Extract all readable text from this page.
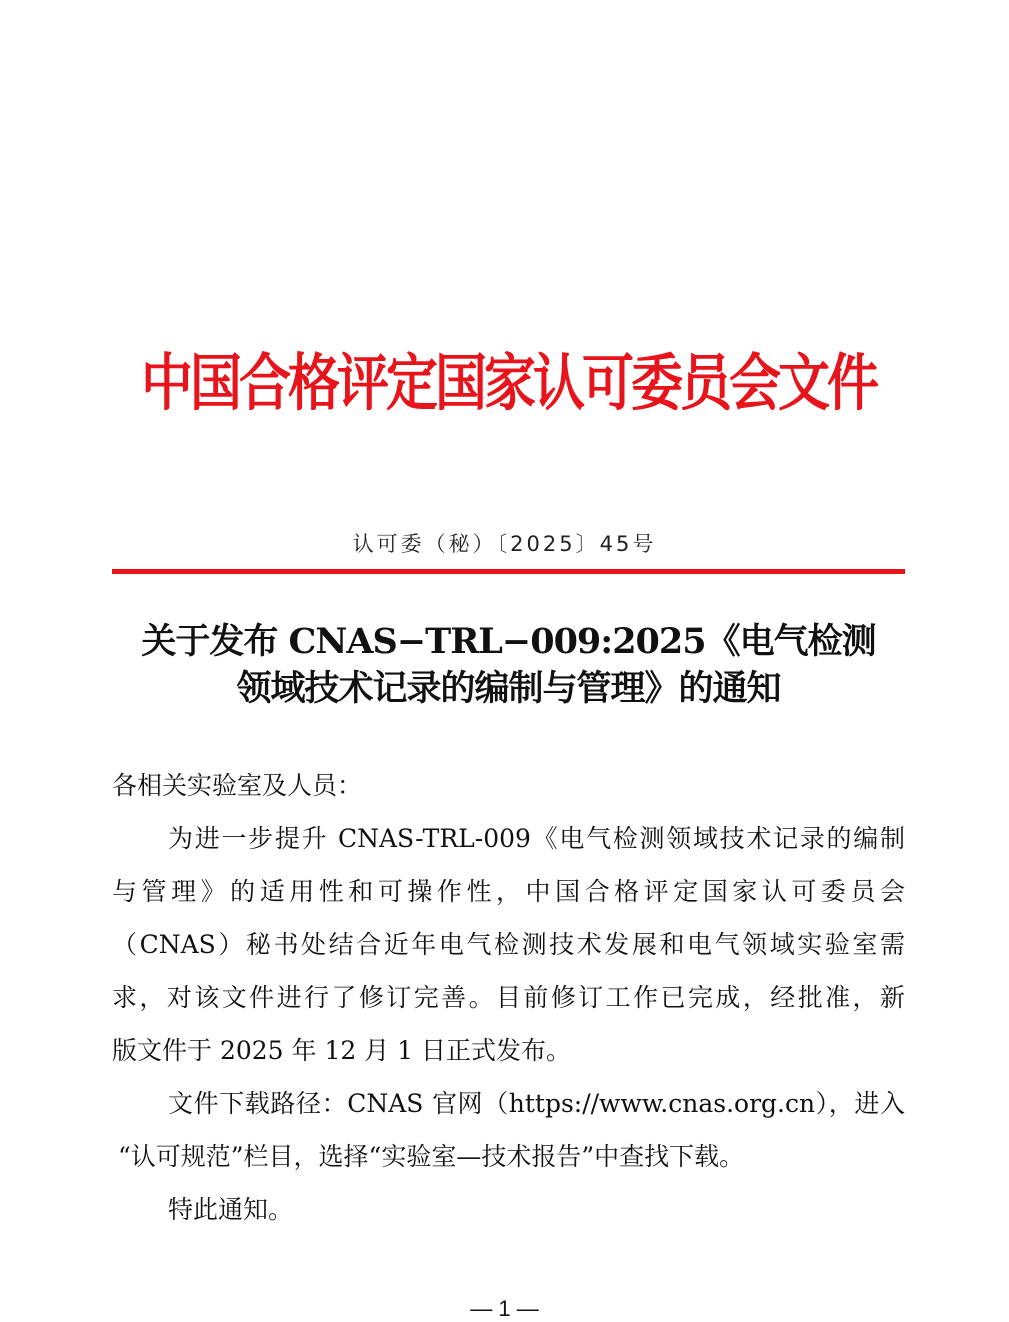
中国合格评定国家认可委员会文件
认可委（秘）〔2025〕45号
关于发布 CNAS−TRL−009:2025《电气检测
领域技术记录的编制与管理》的通知
各相关实验室及人员：
为进一步提升 CNAS-TRL-009《电气检测领域技术记录的编制
与管理》的适用性和可操作性，中国合格评定国家认可委员会
（CNAS）秘书处结合近年电气检测技术发展和电气领域实验室需
求，对该文件进行了修订完善。目前修订工作已完成，经批准，新
版文件于 2025 年 12 月 1 日正式发布。
文件下载路径：CNAS 官网（https://www.cnas.org.cn），进入
“认可规范”栏目，选择“实验室—技术报告”中查找下载。
特此通知。
— 1 —
